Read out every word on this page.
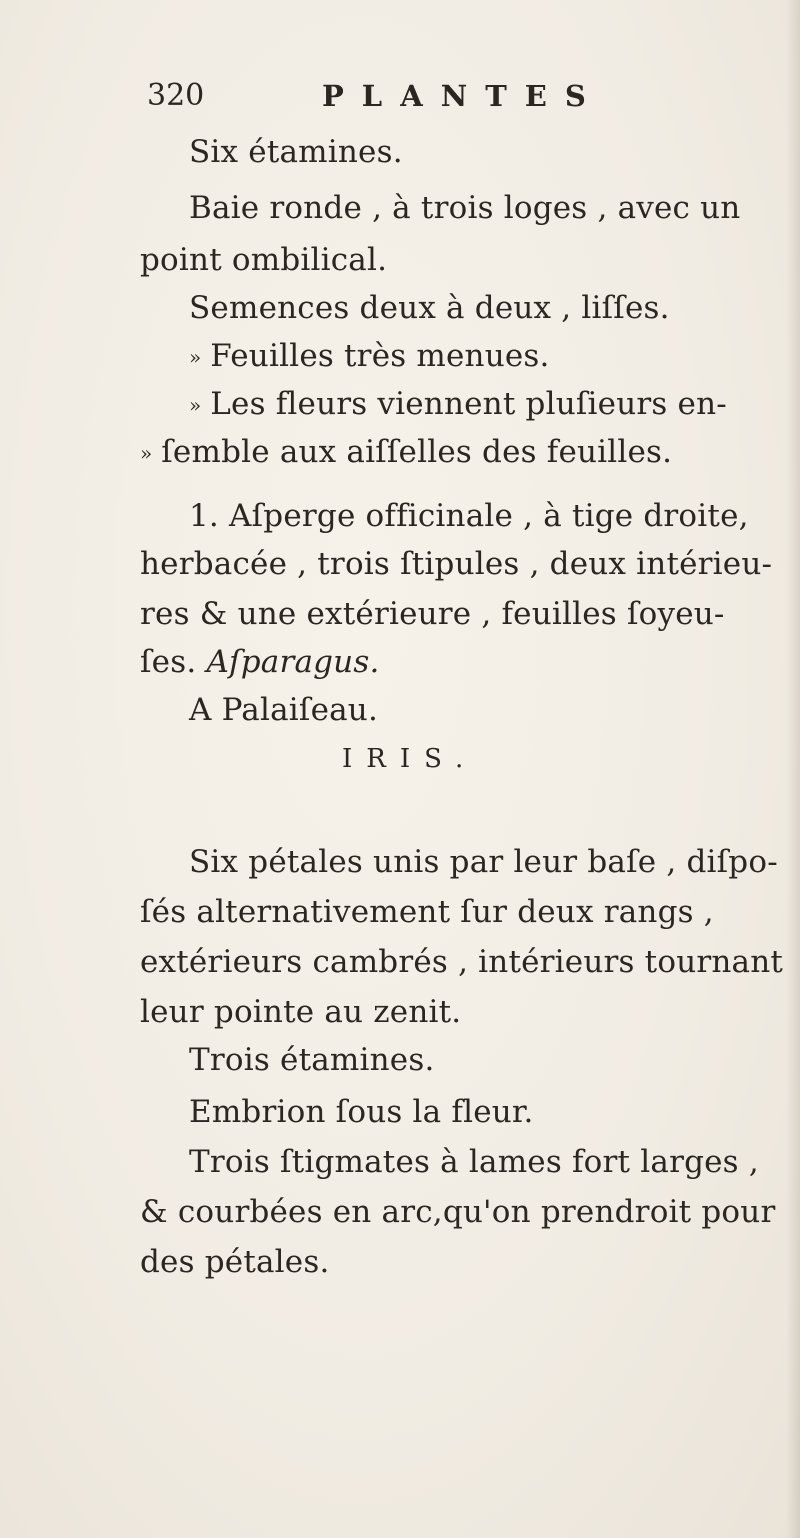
320	PLANTES
Six étamines.
Baie ronde , à trois loges , avec un
point ombilical.
Semences deux à deux , liſſes.
» Feuilles très menues.
» Les fleurs viennent pluſieurs en-
» ſemble aux aiſſelles des feuilles.
1. Aſperge officinale , à tige droite,
herbacée , trois ſtipules , deux intérieu-
res & une extérieure , feuilles ſoyeu-
ſes. Aſparagus.
A Palaiſeau.
IRIS.
Six pétales unis par leur baſe , diſpo-
ſés alternativement ſur deux rangs ,
extérieurs cambrés , intérieurs tournant
leur pointe au zenit.
Trois étamines.
Embrion ſous la fleur.
Trois ſtigmates à lames fort larges ,
& courbées en arc,qu'on prendroit pour
des pétales.
